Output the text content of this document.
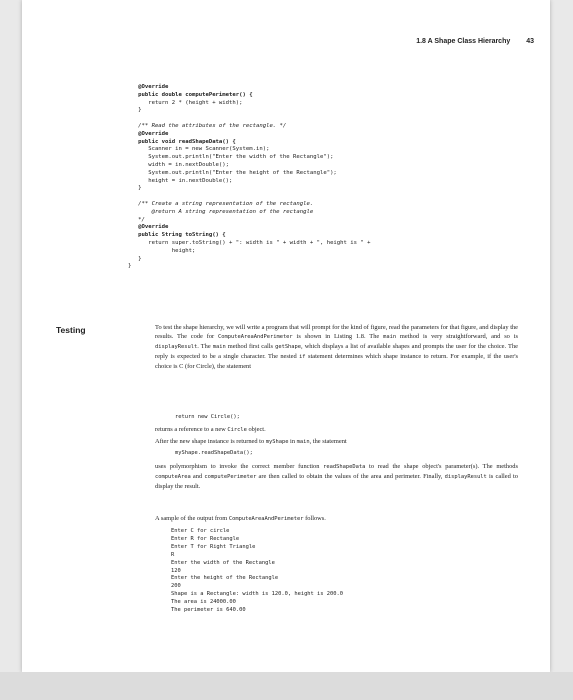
1.8 A Shape Class Hierarchy 43
@Override
public double computePerimeter() {
return 2 * (height + width);
}

/** Read the attributes of the rectangle. */
@Override
public void readShapeData() {
Scanner in = new Scanner(System.in);
System.out.println("Enter the width of the Rectangle");
width = in.nextDouble();
System.out.println("Enter the height of the Rectangle");
height = in.nextDouble();
}

/** Create a string representation of the rectangle.
@return A string representation of the rectangle
*/
@Override
public String toString() {
return super.toString() + ": width is " + width + ", height is " +
height;
}
}
Testing	To test the shape hierarchy, we will write a program that will prompt for the kind of figure, read the parameters for that figure, and display the results. The code for ComputeAreaAndPerimeter is shown in Listing 1.8. The main method is very straightforward, and so is displayResult. The main method first calls getShape, which displays a list of available shapes and prompts the user for the choice. The reply is expected to be a single character. The nested if statement determines which shape instance to return. For example, if the user's choice is C (for Circle), the statement
return new Circle();
returns a reference to a new Circle object.
After the new shape instance is returned to myShape in main, the statement
myShape.readShapeData();
uses polymorphism to invoke the correct member function readShapeData to read the shape object's parameter(s). The methods computeArea and computePerimeter are then called to obtain the values of the area and perimeter. Finally, displayResult is called to display the result.
A sample of the output from ComputeAreaAndPerimeter follows.
Enter C for circle
Enter R for Rectangle
Enter T for Right Triangle
R
Enter the width of the Rectangle
120
Enter the height of the Rectangle
200
Shape is a Rectangle: width is 120.0, height is 200.0
The area is 24000.00
The perimeter is 640.00
